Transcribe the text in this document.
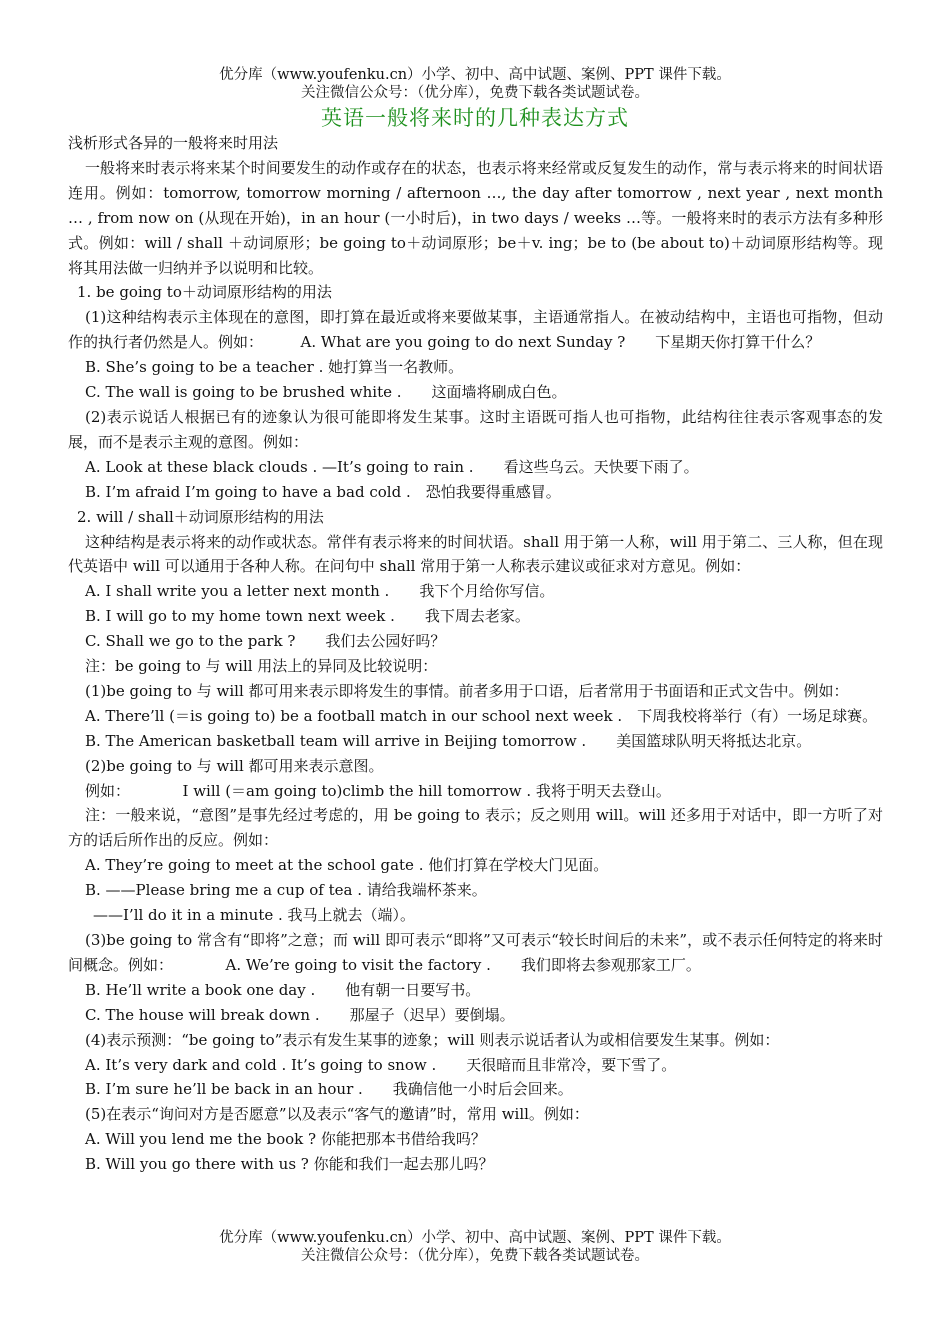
优分库（www.youfenku.cn）小学、初中、高中试题、案例、PPT 课件下载。
关注微信公众号：（优分库），免费下载各类试题试卷。
英语一般将来时的几种表达方式

浅析形式各异的一般将来时用法

一般将来时表示将来某个时间要发生的动作或存在的状态，也表示将来经常或反复发生的动作，常与表示将来的时间状语连用。例如：tomorrow, tomorrow morning / afternoon …, the day after tomorrow , next year , next month … , from now on (从现在开始)，in an hour (一小时后)，in two days / weeks …等。一般将来时的表示方法有多种形式。例如：will / shall ＋动词原形；be going to＋动词原形；be＋v. ing；be to (be about to)＋动词原形结构等。现将其用法做一归纳并予以说明和比较。

1. be going to＋动词原形结构的用法

(1)这种结构表示主体现在的意图，即打算在最近或将来要做某事，主语通常指人。在被动结构中，主语也可指物，但动作的执行者仍然是人。例如：　　　A. What are you going to do next Sunday ?　　下星期天你打算干什么？

B. She’s going to be a teacher . 她打算当一名教师。

C. The wall is going to be brushed white .　　这面墙将刷成白色。

(2)表示说话人根据已有的迹象认为很可能即将发生某事。这时主语既可指人也可指物，此结构往往表示客观事态的发展，而不是表示主观的意图。例如：

A. Look at these black clouds . —It’s going to rain .　　看这些乌云。天快要下雨了。

B. I’m afraid I’m going to have a bad cold .　恐怕我要得重感冒。

2. will / shall＋动词原形结构的用法

这种结构是表示将来的动作或状态。常伴有表示将来的时间状语。shall 用于第一人称，will 用于第二、三人称，但在现代英语中 will 可以通用于各种人称。在问句中 shall 常用于第一人称表示建议或征求对方意见。例如：

A. I shall write you a letter next month .　　我下个月给你写信。

B. I will go to my home town next week .　　我下周去老家。

C. Shall we go to the park ?　　我们去公园好吗？

注：be going to 与 will 用法上的异同及比较说明：

(1)be going to 与 will 都可用来表示即将发生的事情。前者多用于口语，后者常用于书面语和正式文告中。例如：

A. There’ll (＝is going to) be a football match in our school next week .　下周我校将举行（有）一场足球赛。

B. The American basketball team will arrive in Beijing tomorrow .　　美国篮球队明天将抵达北京。

(2)be going to 与 will 都可用来表示意图。

例如：　　　　I will (＝am going to)climb the hill tomorrow . 我将于明天去登山。

注：一般来说，“意图”是事先经过考虑的，用 be going to 表示；反之则用 will。will 还多用于对话中，即一方听了对方的话后所作出的反应。例如：

A. They’re going to meet at the school gate . 他们打算在学校大门见面。

B. ——Please bring me a cup of tea . 请给我端杯茶来。

——I’ll do it in a minute . 我马上就去（端）。

(3)be going to 常含有“即将”之意；而 will 即可表示“即将”又可表示“较长时间后的未来”，或不表示任何特定的将来时间概念。例如：　　　　A. We’re going to visit the factory .　　我们即将去参观那家工厂。

B. He’ll write a book one day .　　他有朝一日要写书。

C. The house will break down .　　那屋子（迟早）要倒塌。

(4)表示预测：“be going to”表示有发生某事的迹象；will 则表示说话者认为或相信要发生某事。例如：

A. It’s very dark and cold . It’s going to snow .　　天很暗而且非常冷，要下雪了。

B. I’m sure he’ll be back in an hour .　　我确信他一小时后会回来。

(5)在表示“询问对方是否愿意”以及表示“客气的邀请”时，常用 will。例如：

A. Will you lend me the book ? 你能把那本书借给我吗？

B. Will you go there with us ? 你能和我们一起去那儿吗？

优分库（www.youfenku.cn）小学、初中、高中试题、案例、PPT 课件下载。
关注微信公众号：（优分库），免费下载各类试题试卷。
